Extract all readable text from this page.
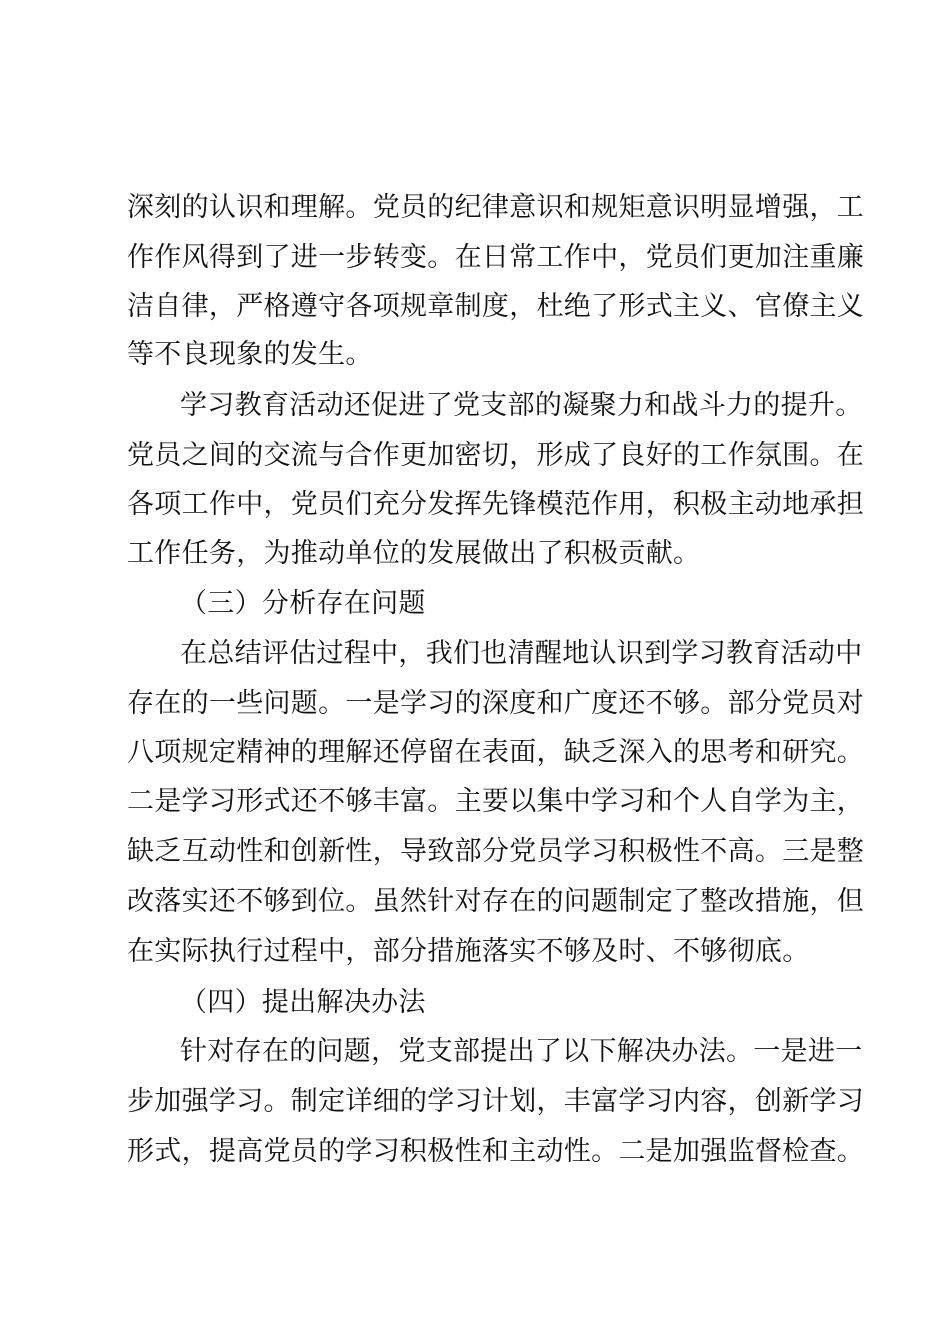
深刻的认识和理解。党员的纪律意识和规矩意识明显增强，工
作作风得到了进一步转变。在日常工作中，党员们更加注重廉
洁自律，严格遵守各项规章制度，杜绝了形式主义、官僚主义
等不良现象的发生。
学习教育活动还促进了党支部的凝聚力和战斗力的提升。
党员之间的交流与合作更加密切，形成了良好的工作氛围。在
各项工作中，党员们充分发挥先锋模范作用，积极主动地承担
工作任务，为推动单位的发展做出了积极贡献。
（三）分析存在问题
在总结评估过程中，我们也清醒地认识到学习教育活动中
存在的一些问题。一是学习的深度和广度还不够。部分党员对
八项规定精神的理解还停留在表面，缺乏深入的思考和研究。
二是学习形式还不够丰富。主要以集中学习和个人自学为主，
缺乏互动性和创新性，导致部分党员学习积极性不高。三是整
改落实还不够到位。虽然针对存在的问题制定了整改措施，但
在实际执行过程中，部分措施落实不够及时、不够彻底。
（四）提出解决办法
针对存在的问题，党支部提出了以下解决办法。一是进一
步加强学习。制定详细的学习计划，丰富学习内容，创新学习
形式，提高党员的学习积极性和主动性。二是加强监督检查。
